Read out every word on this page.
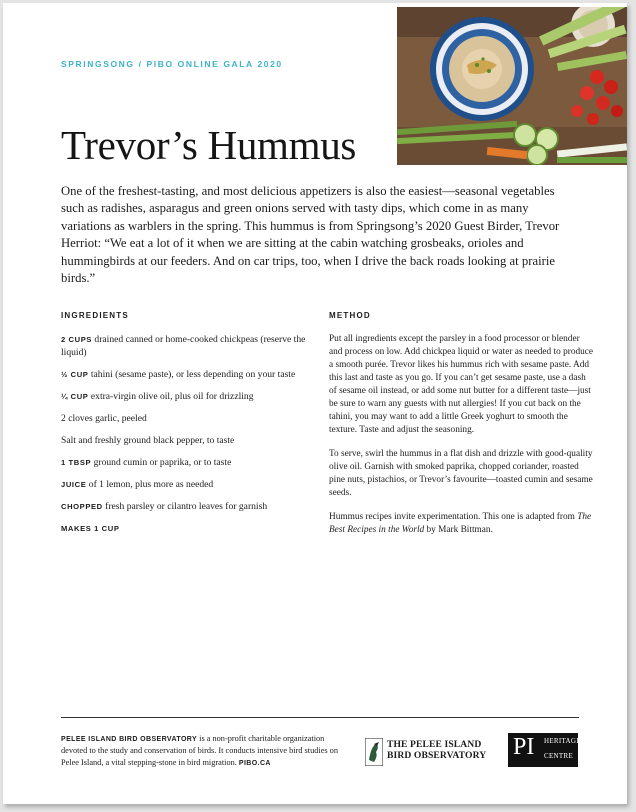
SPRINGSONG / PIBO ONLINE GALA 2020
Trevor’s Hummus

One of the freshest-tasting, and most delicious appetizers is also the easiest—seasonal vegetables such as radishes, asparagus and green onions served with tasty dips, which come in as many variations as warblers in the spring. This hummus is from Springsong’s 2020 Guest Birder, Trevor Herriot: “We eat a lot of it when we are sitting at the cabin watching grosbeaks, orioles and hummingbirds at our feeders. And on car trips, too, when I drive the back roads looking at prairie birds.”

INGREDIENTS
2 CUPS drained canned or home-cooked chickpeas (reserve the liquid)
½ CUP tahini (sesame paste), or less depending on your taste
¼ CUP extra-virgin olive oil, plus oil for drizzling
2 cloves garlic, peeled
Salt and freshly ground black pepper, to taste
1 TBSP ground cumin or paprika, or to taste
JUICE of 1 lemon, plus more as needed
CHOPPED fresh parsley or cilantro leaves for garnish
MAKES 1 CUP
METHOD

Put all ingredients except the parsley in a food processor or blender and process on low. Add chickpea liquid or water as needed to produce a smooth purée. Trevor likes his hummus rich with sesame paste. Add this last and taste as you go. If you can’t get sesame paste, use a dash of sesame oil instead, or add some nut butter for a different taste—just be sure to warn any guests with nut allergies! If you cut back on the tahini, you may want to add a little Greek yoghurt to smooth the texture. Taste and adjust the seasoning.

To serve, swirl the hummus in a flat dish and drizzle with good-quality olive oil. Garnish with smoked paprika, chopped coriander, roasted pine nuts, pistachios, or Trevor’s favourite—toasted cumin and sesame seeds.

Hummus recipes invite experimentation. This one is adapted from The Best Recipes in the World by Mark Bittman.

PELEE ISLAND BIRD OBSERVATORY is a non-profit charitable organization devoted to the study and conservation of birds. It conducts intensive bird studies on Pelee Island, a vital stepping-stone in bird migration. PIBO.CA

THE PELEE ISLAND
BIRD OBSERVATORY	PI HERITAGE
CENTRE
